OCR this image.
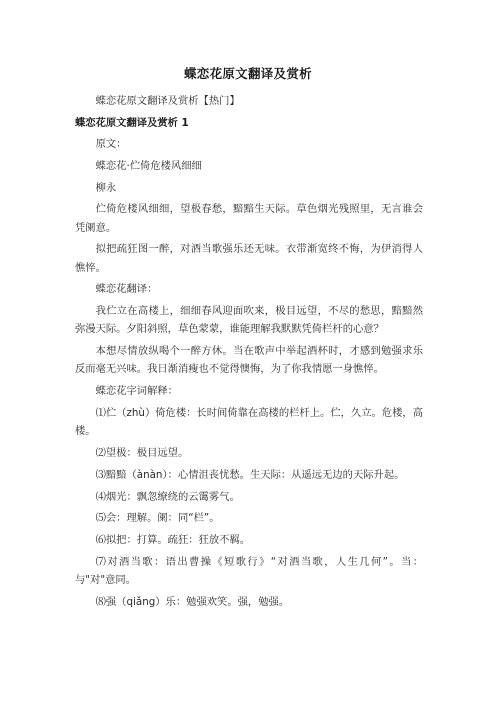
蝶恋花原文翻译及赏析

蝶恋花原文翻译及赏析【热门】

蝶恋花原文翻译及赏析 1

原文：

蝶恋花·伫倚危楼风细细

柳永

伫倚危楼风细细，望极春愁，黯黯生天际。草色烟光残照里，无言谁会凭阑意。

拟把疏狂图一醉，对酒当歌强乐还无味。衣带渐宽终不悔，为伊消得人憔悴。

蝶恋花翻译：

我伫立在高楼上，细细春风迎面吹来，极目远望，不尽的愁思，黯黯然弥漫天际。夕阳斜照，草色蒙蒙，谁能理解我默默凭倚栏杆的心意？

本想尽情放纵喝个一醉方休。当在歌声中举起酒杯时，才感到勉强求乐反而毫无兴味。我日渐消瘦也不觉得懊悔，为了你我情愿一身憔悴。

蝶恋花字词解释：

⑴伫（zhù）倚危楼：长时间倚靠在高楼的栏杆上。伫，久立。危楼，高楼。

⑵望极：极目远望。

⑶黯黯（ànàn）：心情沮丧忧愁。生天际：从遥远无边的天际升起。

⑷烟光：飘忽缭绕的云霭雾气。

⑸会：理解。阑：同“栏”。

⑹拟把：打算。疏狂：狂放不羁。

⑺对酒当歌：语出曹操《短歌行》“对酒当歌，人生几何”。当：与"对"意同。

⑻强（qiǎng）乐：勉强欢笑。强，勉强。
